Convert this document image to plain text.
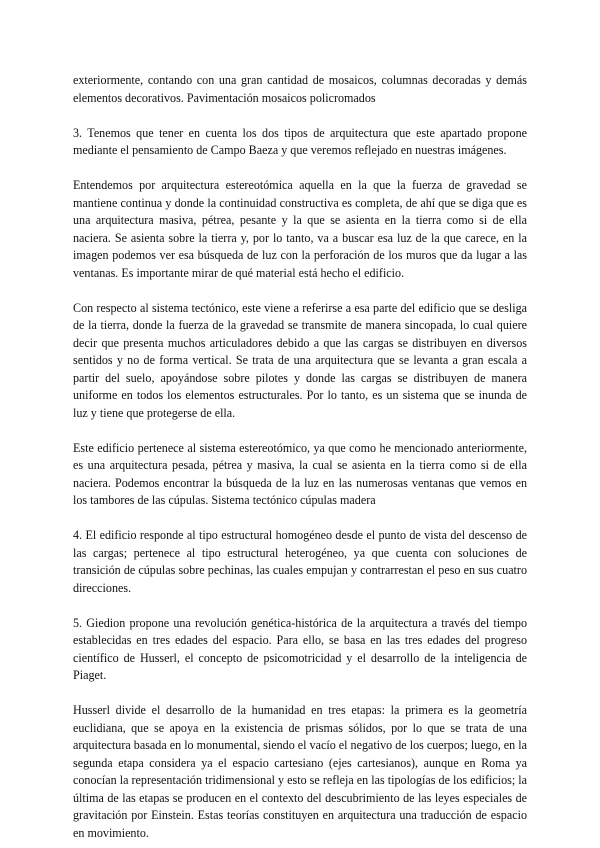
exteriormente, contando con una gran cantidad de mosaicos, columnas decoradas y demás elementos decorativos. Pavimentación mosaicos policromados

3. Tenemos que tener en cuenta los dos tipos de arquitectura que este apartado propone mediante el pensamiento de Campo Baeza y que veremos reflejado en nuestras imágenes.

Entendemos por arquitectura estereotómica aquella en la que la fuerza de gravedad se mantiene continua y donde la continuidad constructiva es completa, de ahí que se diga que es una arquitectura masiva, pétrea, pesante y la que se asienta en la tierra como si de ella naciera. Se asienta sobre la tierra y, por lo tanto, va a buscar esa luz de la que carece, en la imagen podemos ver esa búsqueda de luz con la perforación de los muros que da lugar a las ventanas. Es importante mirar de qué material está hecho el edificio.

Con respecto al sistema tectónico, este viene a referirse a esa parte del edificio que se desliga de la tierra, donde la fuerza de la gravedad se transmite de manera sincopada, lo cual quiere decir que presenta muchos articuladores debido a que las cargas se distribuyen en diversos sentidos y no de forma vertical. Se trata de una arquitectura que se levanta a gran escala a partir del suelo, apoyándose sobre pilotes y donde las cargas se distribuyen de manera uniforme en todos los elementos estructurales. Por lo tanto, es un sistema que se inunda de luz y tiene que protegerse de ella.

Este edificio pertenece al sistema estereotómico, ya que como he mencionado anteriormente, es una arquitectura pesada, pétrea y masiva, la cual se asienta en la tierra como si de ella naciera. Podemos encontrar la búsqueda de la luz en las numerosas ventanas que vemos en los tambores de las cúpulas. Sistema tectónico cúpulas madera

4. El edificio responde al tipo estructural homogéneo desde el punto de vista del descenso de las cargas; pertenece al tipo estructural heterogéneo, ya que cuenta con soluciones de transición de cúpulas sobre pechinas, las cuales empujan y contrarrestan el peso en sus cuatro direcciones.

5. Giedion propone una revolución genética-histórica de la arquitectura a través del tiempo establecidas en tres edades del espacio. Para ello, se basa en las tres edades del progreso científico de Husserl, el concepto de psicomotricidad y el desarrollo de la inteligencia de Piaget.

Husserl divide el desarrollo de la humanidad en tres etapas: la primera es la geometría euclidiana, que se apoya en la existencia de prismas sólidos, por lo que se trata de una arquitectura basada en lo monumental, siendo el vacío el negativo de los cuerpos; luego, en la segunda etapa considera ya el espacio cartesiano (ejes cartesianos), aunque en Roma ya conocían la representación tridimensional y esto se refleja en las tipologías de los edificios; la última de las etapas se producen en el contexto del descubrimiento de las leyes especiales de gravitación por Einstein. Estas teorías constituyen en arquitectura una traducción de espacio en movimiento.
